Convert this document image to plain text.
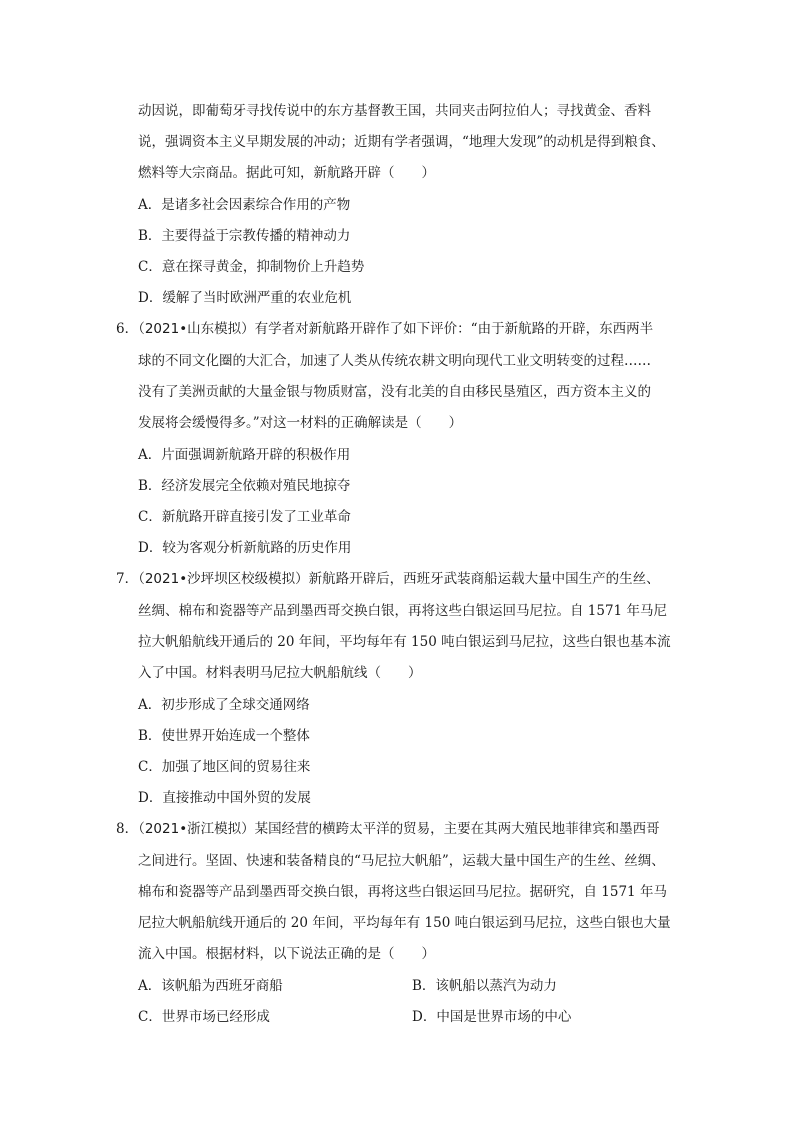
动因说，即葡萄牙寻找传说中的东方基督教王国，共同夹击阿拉伯人；寻找黄金、香料
说，强调资本主义早期发展的冲动；近期有学者强调，“地理大发现”的动机是得到粮食、
燃料等大宗商品。据此可知，新航路开辟（　　）
A．是诸多社会因素综合作用的产物
B．主要得益于宗教传播的精神动力
C．意在探寻黄金，抑制物价上升趋势
D．缓解了当时欧洲严重的农业危机
6．（2021•山东模拟）有学者对新航路开辟作了如下评价：“由于新航路的开辟，东西两半
球的不同文化圈的大汇合，加速了人类从传统农耕文明向现代工业文明转变的过程……
没有了美洲贡献的大量金银与物质财富，没有北美的自由移民垦殖区，西方资本主义的
发展将会缓慢得多。”对这一材料的正确解读是（　　）
A．片面强调新航路开辟的积极作用
B．经济发展完全依赖对殖民地掠夺
C．新航路开辟直接引发了工业革命
D．较为客观分析新航路的历史作用
7．（2021•沙坪坝区校级模拟）新航路开辟后，西班牙武装商船运载大量中国生产的生丝、
丝绸、棉布和瓷器等产品到墨西哥交换白银，再将这些白银运回马尼拉。自 1571 年马尼
拉大帆船航线开通后的 20 年间，平均每年有 150 吨白银运到马尼拉，这些白银也基本流
入了中国。材料表明马尼拉大帆船航线（　　）
A．初步形成了全球交通网络
B．使世界开始连成一个整体
C．加强了地区间的贸易往来
D．直接推动中国外贸的发展
8．（2021•浙江模拟）某国经营的横跨太平洋的贸易，主要在其两大殖民地菲律宾和墨西哥
之间进行。坚固、快速和装备精良的“马尼拉大帆船”，运载大量中国生产的生丝、丝绸、
棉布和瓷器等产品到墨西哥交换白银，再将这些白银运回马尼拉。据研究，自 1571 年马
尼拉大帆船航线开通后的 20 年间，平均每年有 150 吨白银运到马尼拉，这些白银也大量
流入中国。根据材料，以下说法正确的是（　　）
A．该帆船为西班牙商船	B．该帆船以蒸汽为动力
C．世界市场已经形成	D．中国是世界市场的中心
